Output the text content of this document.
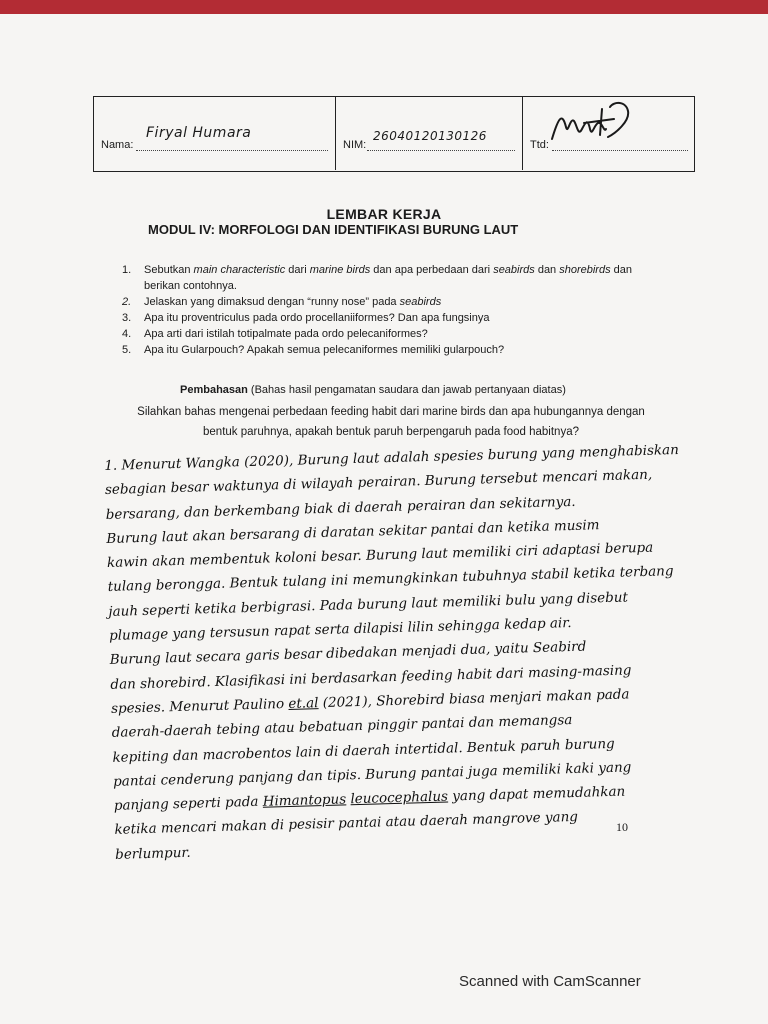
Nama:
Firyal Humara
NIM:
26040120130126
Ttd:
LEMBAR KERJA
MODUL IV: MORFOLOGI DAN IDENTIFIKASI BURUNG LAUT
1.	Sebutkan main characteristic dari marine birds dan apa perbedaan dari seabirds dan shorebirds dan berikan contohnya.
2.	Jelaskan yang dimaksud dengan “runny nose” pada seabirds
3.	Apa itu proventriculus pada ordo procellaniiformes? Dan apa fungsinya
4.	Apa arti dari istilah totipalmate pada ordo pelecaniformes?
5.	Apa itu Gularpouch? Apakah semua pelecaniformes memiliki gularpouch?
Pembahasan (Bahas hasil pengamatan saudara dan jawab pertanyaan diatas)
Silahkan bahas mengenai perbedaan feeding habit dari marine birds dan apa hubungannya dengan
bentuk paruhnya, apakah bentuk paruh berpengaruh pada food habitnya?
1. Menurut Wangka (2020), Burung laut adalah spesies burung yang menghabiskan
sebagian besar waktunya di wilayah perairan. Burung tersebut mencari makan,
bersarang, dan berkembang biak di daerah perairan dan sekitarnya.
Burung laut akan bersarang di daratan sekitar pantai dan ketika musim
kawin akan membentuk koloni besar. Burung laut memiliki ciri adaptasi berupa
tulang berongga. Bentuk tulang ini memungkinkan tubuhnya stabil ketika terbang
jauh seperti ketika berbigrasi. Pada burung laut memiliki bulu yang disebut
plumage yang tersusun rapat serta dilapisi lilin sehingga kedap air.
Burung laut secara garis besar dibedakan menjadi dua, yaitu Seabird
dan shorebird. Klasifikasi ini berdasarkan feeding habit dari masing-masing
spesies. Menurut Paulino et.al (2021), Shorebird biasa menjari makan pada
daerah-daerah tebing atau bebatuan pinggir pantai dan memangsa
kepiting dan macrobentos lain di daerah intertidal. Bentuk paruh burung
pantai cenderung panjang dan tipis. Burung pantai juga memiliki kaki yang
panjang seperti pada Himantopus leucocephalus yang dapat memudahkan
ketika mencari makan di pesisir pantai atau daerah mangrove yang
berlumpur.
10
Scanned with CamScanner
